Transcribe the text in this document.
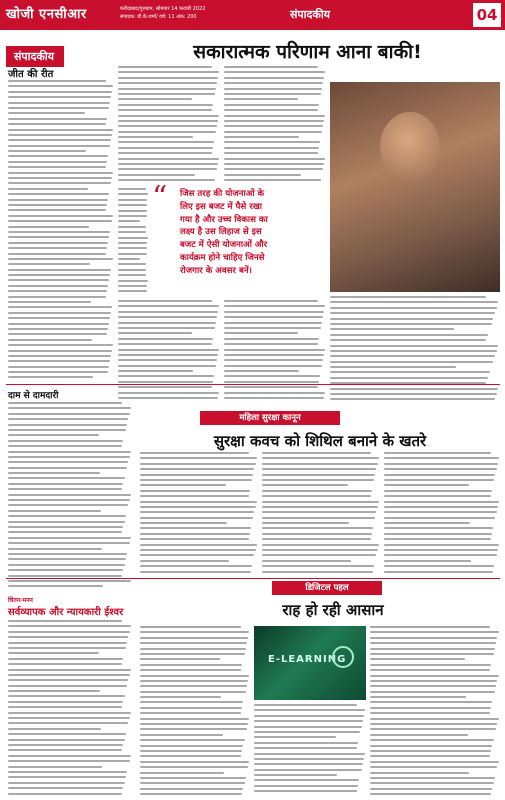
खोजी एनसीआर	फरीदाबाद/गुरुग्राम, सोमवार 14 फरवरी 2022
संपादक: डी.के.शर्मा/ वर्ष: 11 अंक: 200	संपादकीय	04
संपादकीय
जीत की रीत
सकारात्मक परिणाम आना बाकी!
“ जिस तरह की योजनाओं के लिए इस बजट में पैसे रखा गया है और उच्च विकास का लक्ष्य है उस लिहाज से इस बजट में ऐसी योजनाओं और कार्यक्रम होने चाहिए जिनसे रोजगार के अवसर बनें।
दाम से दामदारी
महिला सुरक्षा कानून
सुरक्षा कवच को शिथिल बनाने के खतरे
चिंतन-मनन
सर्वव्यापक और न्यायकारी ईश्वर
डिजिटल पहल
राह हो रही आसान
E-LEARNING
